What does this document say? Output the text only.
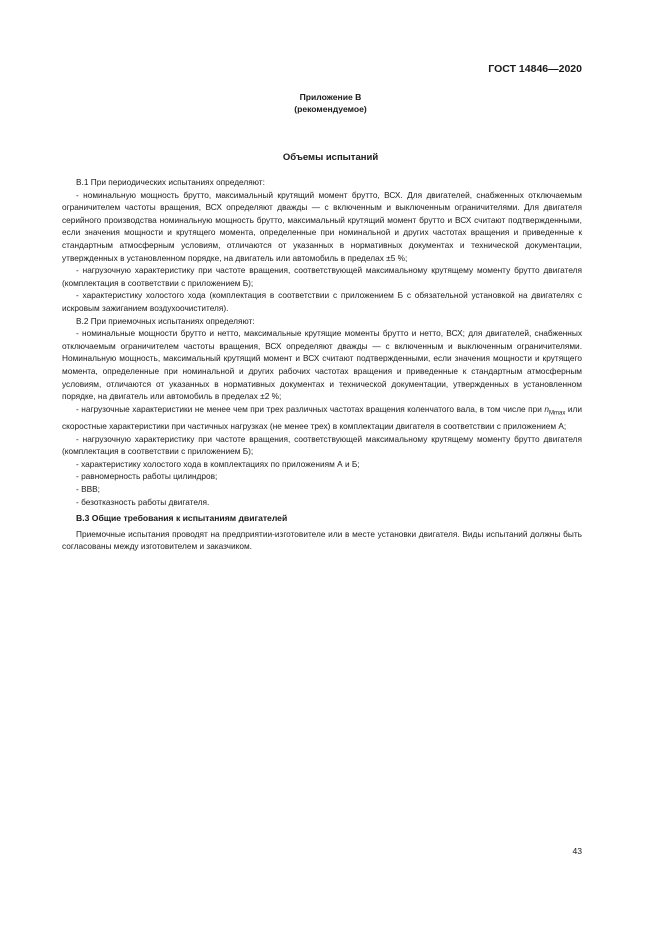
ГОСТ 14846—2020
Приложение В
(рекомендуемое)
Объемы испытаний

В.1 При периодических испытаниях определяют:

- номинальную мощность брутто, максимальный крутящий момент брутто, ВСХ. Для двигателей, снабженных отключаемым ограничителем частоты вращения, ВСХ определяют дважды — с включенным и выключенным ограничителями. Для двигателя серийного производства номинальную мощность брутто, максимальный крутящий момент брутто и ВСХ считают подтвержденными, если значения мощности и крутящего момента, определенные при номинальной и других частотах вращения и приведенные к стандартным атмосферным условиям, отличаются от указанных в нормативных документах и технической документации, утвержденных в установленном порядке, на двигатель или автомобиль в пределах ±5 %;

- нагрузочную характеристику при частоте вращения, соответствующей максимальному крутящему моменту брутто двигателя (комплектация в соответствии с приложением Б);

- характеристику холостого хода (комплектация в соответствии с приложением Б с обязательной установкой на двигателях с искровым зажиганием воздухоочистителя).

В.2 При приемочных испытаниях определяют:

- номинальные мощности брутто и нетто, максимальные крутящие моменты брутто и нетто, ВСХ; для двигателей, снабженных отключаемым ограничителем частоты вращения, ВСХ определяют дважды — с включенным и выключенным ограничителями. Номинальную мощность, максимальный крутящий момент и ВСХ считают подтвержденными, если значения мощности и крутящего момента, определенные при номинальной и других рабочих частотах вращения и приведенные к стандартным атмосферным условиям, отличаются от указанных в нормативных документах и технической документации, утвержденных в установленном порядке, на двигатель или автомобиль в пределах ±2 %;

- нагрузочные характеристики не менее чем при трех различных частотах вращения коленчатого вала, в том числе при $n_{Mmax}$ или скоростные характеристики при частичных нагрузках (не менее трех) в комплектации двигателя в соответствии с приложением А;

- нагрузочную характеристику при частоте вращения, соответствующей максимальному крутящему моменту брутто двигателя (комплектация в соответствии с приложением Б);

- характеристику холостого хода в комплектациях по приложениям А и Б;

- равномерность работы цилиндров;

- ВВВ;

- безотказность работы двигателя.

В.3 Общие требования к испытаниям двигателей

Приемочные испытания проводят на предприятии-изготовителе или в месте установки двигателя. Виды испытаний должны быть согласованы между изготовителем и заказчиком.

43
